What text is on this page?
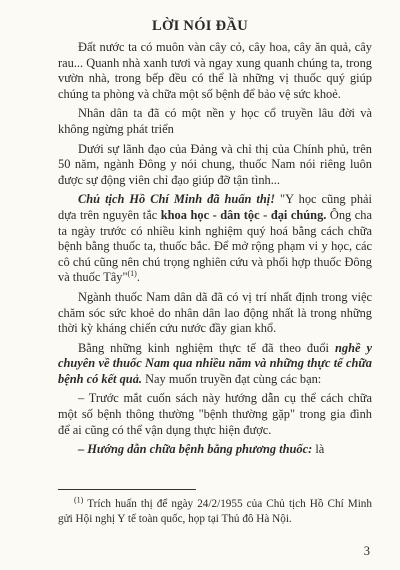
LỜI NÓI ĐẦU

Đất nước ta có muôn vàn cây cỏ, cây hoa, cây ăn quả, cây rau... Quanh nhà xanh tươi và ngay xung quanh chúng ta, trong vườn nhà, trong bếp đều có thể là những vị thuốc quý giúp chúng ta phòng và chữa một số bệnh để bảo vệ sức khoẻ.

Nhân dân ta đã có một nền y học cổ truyền lâu đời và không ngừng phát triển

Dưới sự lãnh đạo của Đảng và chỉ thị của Chính phủ, trên 50 năm, ngành Đông y nói chung, thuốc Nam nói riêng luôn được sự động viên chỉ đạo giúp đỡ tận tình...

Chủ tịch Hồ Chí Minh đã huấn thị! "Y học cũng phải dựa trên nguyên tắc khoa học - dân tộc - đại chúng. Ông cha ta ngày trước có nhiều kinh nghiệm quý hoá bằng cách chữa bệnh bằng thuốc ta, thuốc bắc. Để mở rộng phạm vi y học, các cô chú cũng nên chú trọng nghiên cứu và phối hợp thuốc Đông và thuốc Tây"$^{(1)}$.

Ngành thuốc Nam dân dã đã có vị trí nhất định trong việc chăm sóc sức khoẻ do nhân dân lao động nhất là trong những thời kỳ kháng chiến cứu nước đầy gian khổ.

Bằng những kinh nghiệm thực tế đã theo đuổi nghề y chuyên về thuốc Nam qua nhiều năm và những thực tế chữa bệnh có kết quả. Nay muốn truyền đạt cùng các bạn:

– Trước mắt cuốn sách này hướng dẫn cụ thể cách chữa một số bệnh thông thường "bệnh thường gặp" trong gia đình để ai cũng có thể vận dụng thực hiện được.

– Hướng dẫn chữa bệnh bằng phương thuốc: là

$^{(1)}$ Trích huấn thị để ngày 24/2/1955 của Chủ tịch Hồ Chí Minh gửi Hội nghị Y tế toàn quốc, họp tại Thủ đô Hà Nội.
3
